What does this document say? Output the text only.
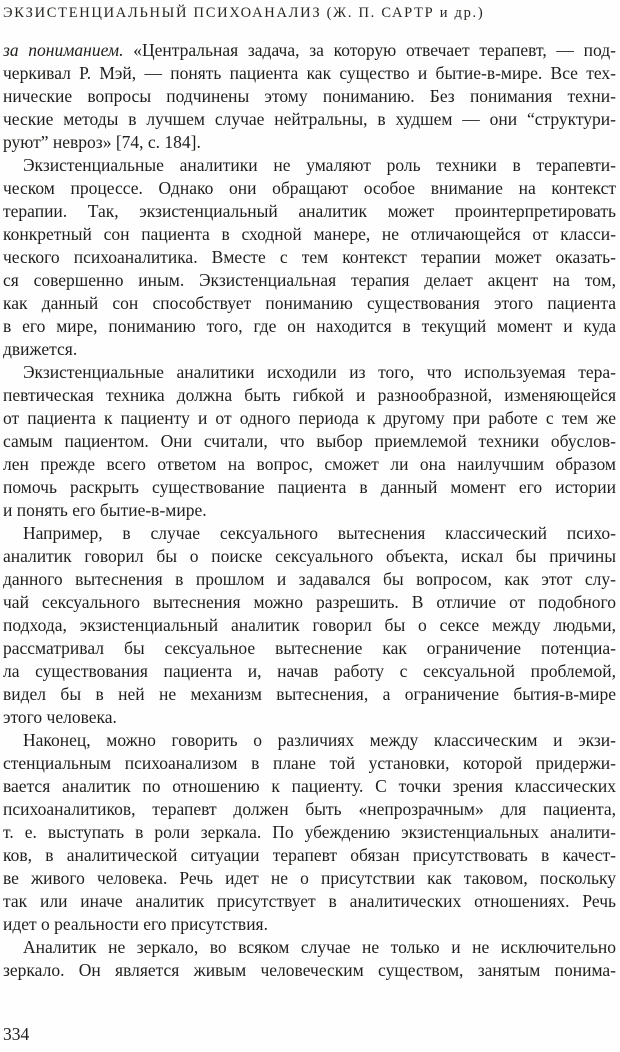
ЭКЗИСТЕНЦИАЛЬНЫЙ ПСИХОАНАЛИЗ (Ж. П. САРТР и др.)
за пониманием. «Центральная задача, за которую отвечает терапевт, — под-
черкивал Р. Мэй, — понять пациента как существо и бытие-в-мире. Все тех-
нические вопросы подчинены этому пониманию. Без понимания техни-
ческие методы в лучшем случае нейтральны, в худшем — они “структури-
руют” невроз» [74, с. 184].
Экзистенциальные аналитики не умаляют роль техники в терапевти-
ческом процессе. Однако они обращают особое внимание на контекст
терапии. Так, экзистенциальный аналитик может проинтерпретировать
конкретный сон пациента в сходной манере, не отличающейся от класси-
ческого психоаналитика. Вместе с тем контекст терапии может оказать-
ся совершенно иным. Экзистенциальная терапия делает акцент на том,
как данный сон способствует пониманию существования этого пациента
в его мире, пониманию того, где он находится в текущий момент и куда
движется.
Экзистенциальные аналитики исходили из того, что используемая тера-
певтическая техника должна быть гибкой и разнообразной, изменяющейся
от пациента к пациенту и от одного периода к другому при работе с тем же
самым пациентом. Они считали, что выбор приемлемой техники обуслов-
лен прежде всего ответом на вопрос, сможет ли она наилучшим образом
помочь раскрыть существование пациента в данный момент его истории
и понять его бытие-в-мире.
Например, в случае сексуального вытеснения классический психо-
аналитик говорил бы о поиске сексуального объекта, искал бы причины
данного вытеснения в прошлом и задавался бы вопросом, как этот слу-
чай сексуального вытеснения можно разрешить. В отличие от подобного
подхода, экзистенциальный аналитик говорил бы о сексе между людьми,
рассматривал бы сексуальное вытеснение как ограничение потенциа-
ла существования пациента и, начав работу с сексуальной проблемой,
видел бы в ней не механизм вытеснения, а ограничение бытия-в-мире
этого человека.
Наконец, можно говорить о различиях между классическим и экзи-
стенциальным психоанализом в плане той установки, которой придержи-
вается аналитик по отношению к пациенту. С точки зрения классических
психоаналитиков, терапевт должен быть «непрозрачным» для пациента,
т. е. выступать в роли зеркала. По убеждению экзистенциальных аналити-
ков, в аналитической ситуации терапевт обязан присутствовать в качест-
ве живого человека. Речь идет не о присутствии как таковом, поскольку
так или иначе аналитик присутствует в аналитических отношениях. Речь
идет о реальности его присутствия.
Аналитик не зеркало, во всяком случае не только и не исключительно
зеркало. Он является живым человеческим существом, занятым понима-
334
